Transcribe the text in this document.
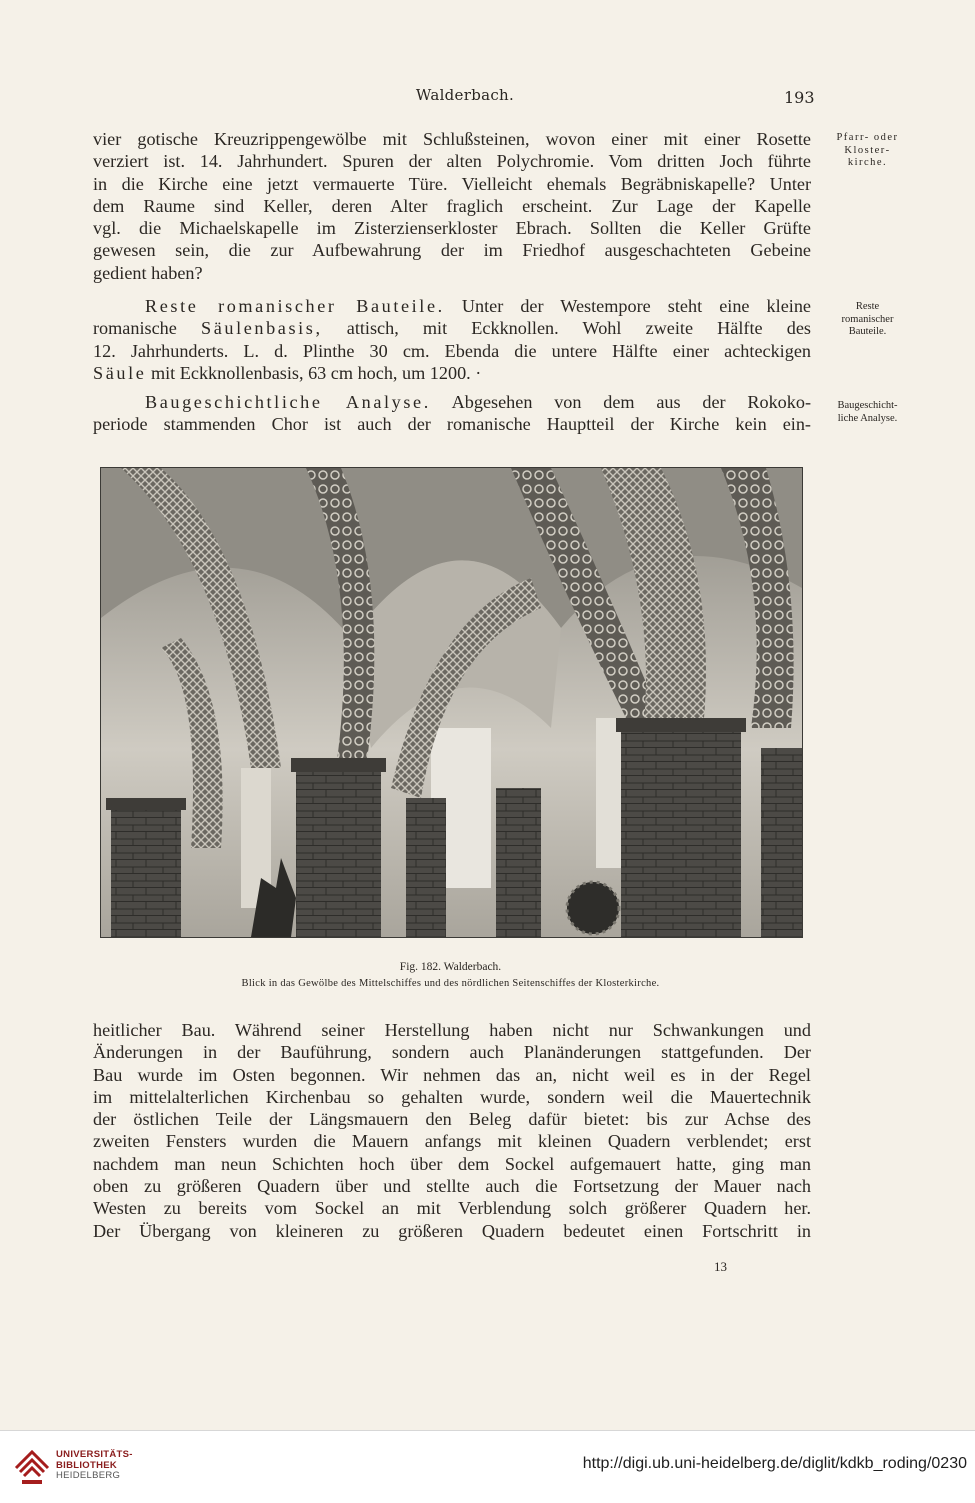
Walderbach.	193
vier gotische Kreuzrippengewölbe mit Schlußsteinen, wovon einer mit einer Rosette
verziert ist. 14. Jahrhundert. Spuren der alten Polychromie. Vom dritten Joch führte
in die Kirche eine jetzt vermauerte Türe. Vielleicht ehemals Begräbniskapelle? Unter
dem Raume sind Keller, deren Alter fraglich erscheint. Zur Lage der Kapelle
vgl. die Michaelskapelle im Zisterzienserkloster Ebrach. Sollten die Keller Grüfte
gewesen sein, die zur Aufbewahrung der im Friedhof ausgeschachteten Gebeine
gedient haben?
Reste romanischer Bauteile. Unter der Westempore steht eine kleine
romanische Säulenbasis, attisch, mit Eckknollen. Wohl zweite Hälfte des
12. Jahrhunderts. L. d. Plinthe 30 cm. Ebenda die untere Hälfte einer achteckigen
Säule mit Eckknollenbasis, 63 cm hoch, um 1200. ·
Baugeschichtliche Analyse. Abgesehen von dem aus der Rokoko-
periode stammenden Chor ist auch der romanische Hauptteil der Kirche kein ein-
Pfarr- oder
Kloster-
kirche.
Reste
romanischer
Bauteile.
Baugeschicht-
liche Analyse.
Fig. 182. Walderbach.
Blick in das Gewölbe des Mittelschiffes und des nördlichen Seitenschiffes der Klosterkirche.
heitlicher Bau. Während seiner Herstellung haben nicht nur Schwankungen und
Änderungen in der Bauführung, sondern auch Planänderungen stattgefunden. Der
Bau wurde im Osten begonnen. Wir nehmen das an, nicht weil es in der Regel
im mittelalterlichen Kirchenbau so gehalten wurde, sondern weil die Mauertechnik
der östlichen Teile der Längsmauern den Beleg dafür bietet: bis zur Achse des
zweiten Fensters wurden die Mauern anfangs mit kleinen Quadern verblendet; erst
nachdem man neun Schichten hoch über dem Sockel aufgemauert hatte, ging man
oben zu größeren Quadern über und stellte auch die Fortsetzung der Mauer nach
Westen zu bereits vom Sockel an mit Verblendung solch größerer Quadern her.
Der Übergang von kleineren zu größeren Quadern bedeutet einen Fortschritt in
13
UNIVERSITÄTS-
BIBLIOTHEK
HEIDELBERG
http://digi.ub.uni-heidelberg.de/diglit/kdkb_roding/0230
